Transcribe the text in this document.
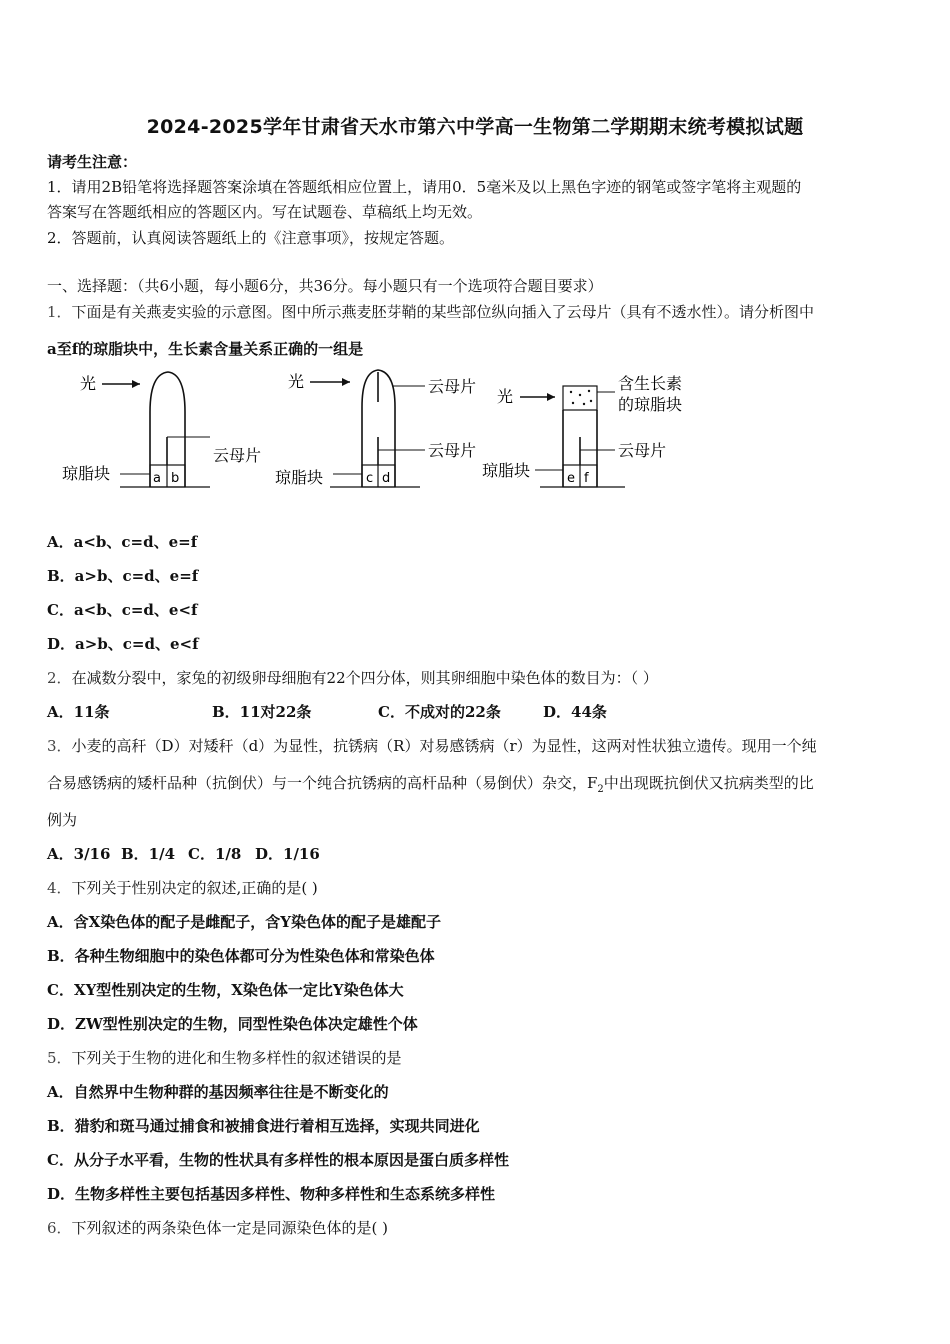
2024-2025学年甘肃省天水市第六中学高一生物第二学期期末统考模拟试题
请考生注意：
1．请用2B铅笔将选择题答案涂填在答题纸相应位置上，请用0．5毫米及以上黑色字迹的钢笔或签字笔将主观题的
答案写在答题纸相应的答题区内。写在试题卷、草稿纸上均无效。
2．答题前，认真阅读答题纸上的《注意事项》，按规定答题。
一、选择题：（共6小题，每小题6分，共36分。每小题只有一个选项符合题目要求）
1．下面是有关燕麦实验的示意图。图中所示燕麦胚芽鞘的某些部位纵向插入了云母片（具有不透水性）。请分析图中
a至f的琼脂块中，生长素含量关系正确的一组是
光
云母片
a b
琼脂块
光	云母片
云母片
c d
琼脂块
光
含生长素
的琼脂块
云母片
e f
琼脂块
A．a<b、c=d、e=f
B．a>b、c=d、e=f
C．a<b、c=d、e<f
D．a>b、c=d、e<f
2．在减数分裂中，家兔的初级卵母细胞有22个四分体，则其卵细胞中染色体的数目为：（ ）
A．11条	B．11对22条	C．不成对的22条	D．44条
3．小麦的高秆（D）对矮秆（d）为显性，抗锈病（R）对易感锈病（r）为显性，这两对性状独立遗传。现用一个纯
合易感锈病的矮杆品种（抗倒伏）与一个纯合抗锈病的高杆品种（易倒伏）杂交，$F_2$中出现既抗倒伏又抗病类型的比
例为
A．3/16 B．1/4 C．1/8 D．1/16
4．下列关于性别决定的叙述,正确的是( )
A．含X染色体的配子是雌配子，含Y染色体的配子是雄配子
B．各种生物细胞中的染色体都可分为性染色体和常染色体
C．XY型性别决定的生物，X染色体一定比Y染色体大
D．ZW型性别决定的生物，同型性染色体决定雄性个体
5．下列关于生物的进化和生物多样性的叙述错误的是
A．自然界中生物种群的基因频率往往是不断变化的
B．猎豹和斑马通过捕食和被捕食进行着相互选择，实现共同进化
C．从分子水平看，生物的性状具有多样性的根本原因是蛋白质多样性
D．生物多样性主要包括基因多样性、物种多样性和生态系统多样性
6．下列叙述的两条染色体一定是同源染色体的是( )
